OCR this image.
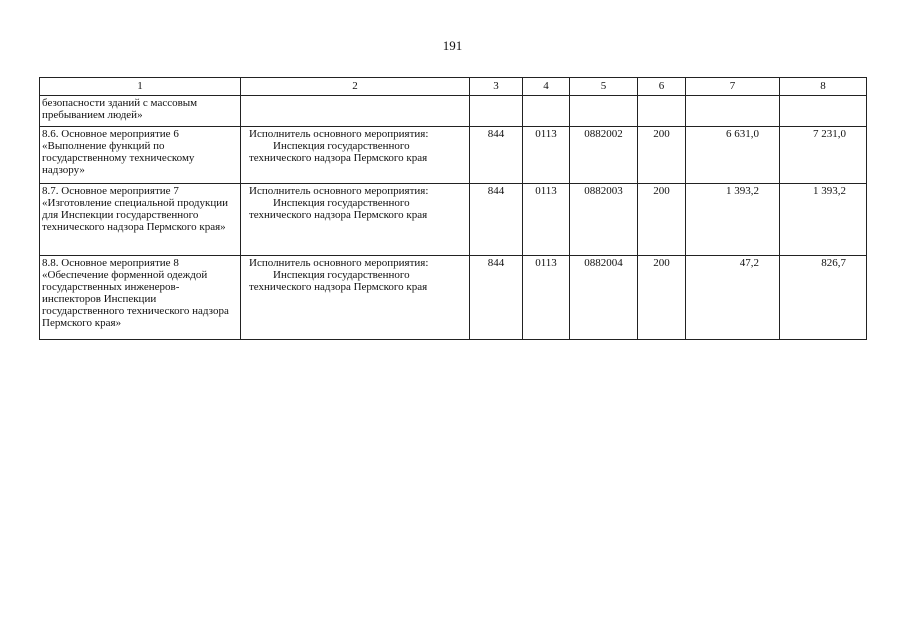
191
1	2	3	4	5	6	7	8
безопасности зданий с массовым пребыванием людей»							
8.6. Основное мероприятие 6 «Выполнение функций по государственному техническому надзору»	Исполнитель основного мероприятия:
Инспекция государственного
технического надзора Пермского края	844	0113	0882002	200	6 631,0	7 231,0
8.7. Основное мероприятие 7 «Изготовление специальной продукции для Инспекции государственного технического надзора Пермского края»	Исполнитель основного мероприятия:
Инспекция государственного
технического надзора Пермского края	844	0113	0882003	200	1 393,2	1 393,2
8.8. Основное мероприятие 8 «Обеспечение форменной одеждой государственных инженеров-инспекторов Инспекции государственного технического надзора Пермского края»	Исполнитель основного мероприятия:
Инспекция государственного
технического надзора Пермского края	844	0113	0882004	200	47,2	826,7
